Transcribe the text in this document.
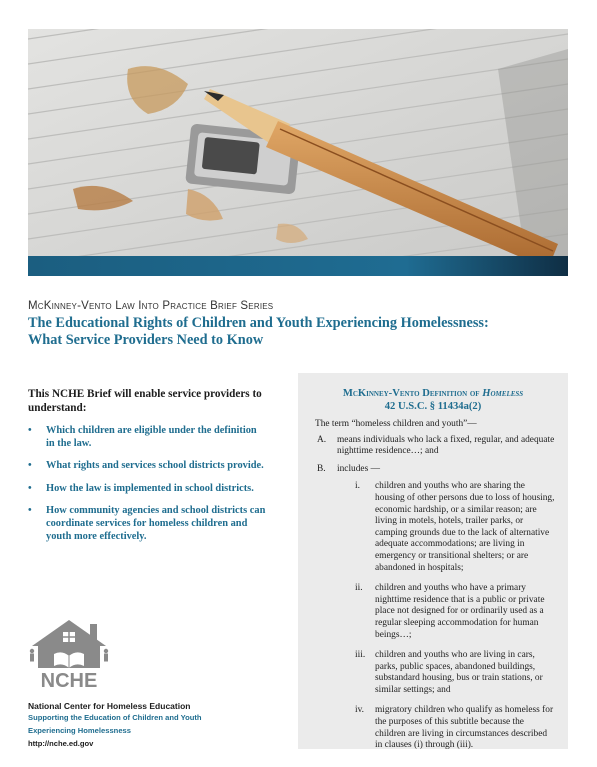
McKinney-Vento Law Into Practice Brief Series
The Educational Rights of Children and Youth Experiencing Homelessness:
What Service Providers Need to Know
This NCHE Brief will enable service providers to understand:
• Which children are eligible under the definition in the law.
• What rights and services school districts provide.
• How the law is implemented in school districts.
• How community agencies and school districts can coordinate services for homeless children and youth more effectively.
NCHE
National Center for Homeless Education
Supporting the Education of Children and Youth Experiencing Homelessness
http://nche.ed.gov
McKinney-Vento Definition of Homeless
42 U.S.C. § 11434a(2)

The term “homeless children and youth”—

A. means individuals who lack a fixed, regular, and adequate nighttime residence…; and
B. includes —
i. children and youths who are sharing the housing of other persons due to loss of housing, economic hardship, or a similar reason; are living in motels, hotels, trailer parks, or camping grounds due to the lack of alternative adequate accommodations; are living in emergency or transitional shelters; or are abandoned in hospitals;
ii. children and youths who have a primary nighttime residence that is a public or private place not designed for or ordinarily used as a regular sleeping accommodation for human beings…;
iii. children and youths who are living in cars, parks, public spaces, abandoned buildings, substandard housing, bus or train stations, or similar settings; and
iv. migratory children who qualify as homeless for the purposes of this subtitle because the children are living in circumstances described in clauses (i) through (iii).
